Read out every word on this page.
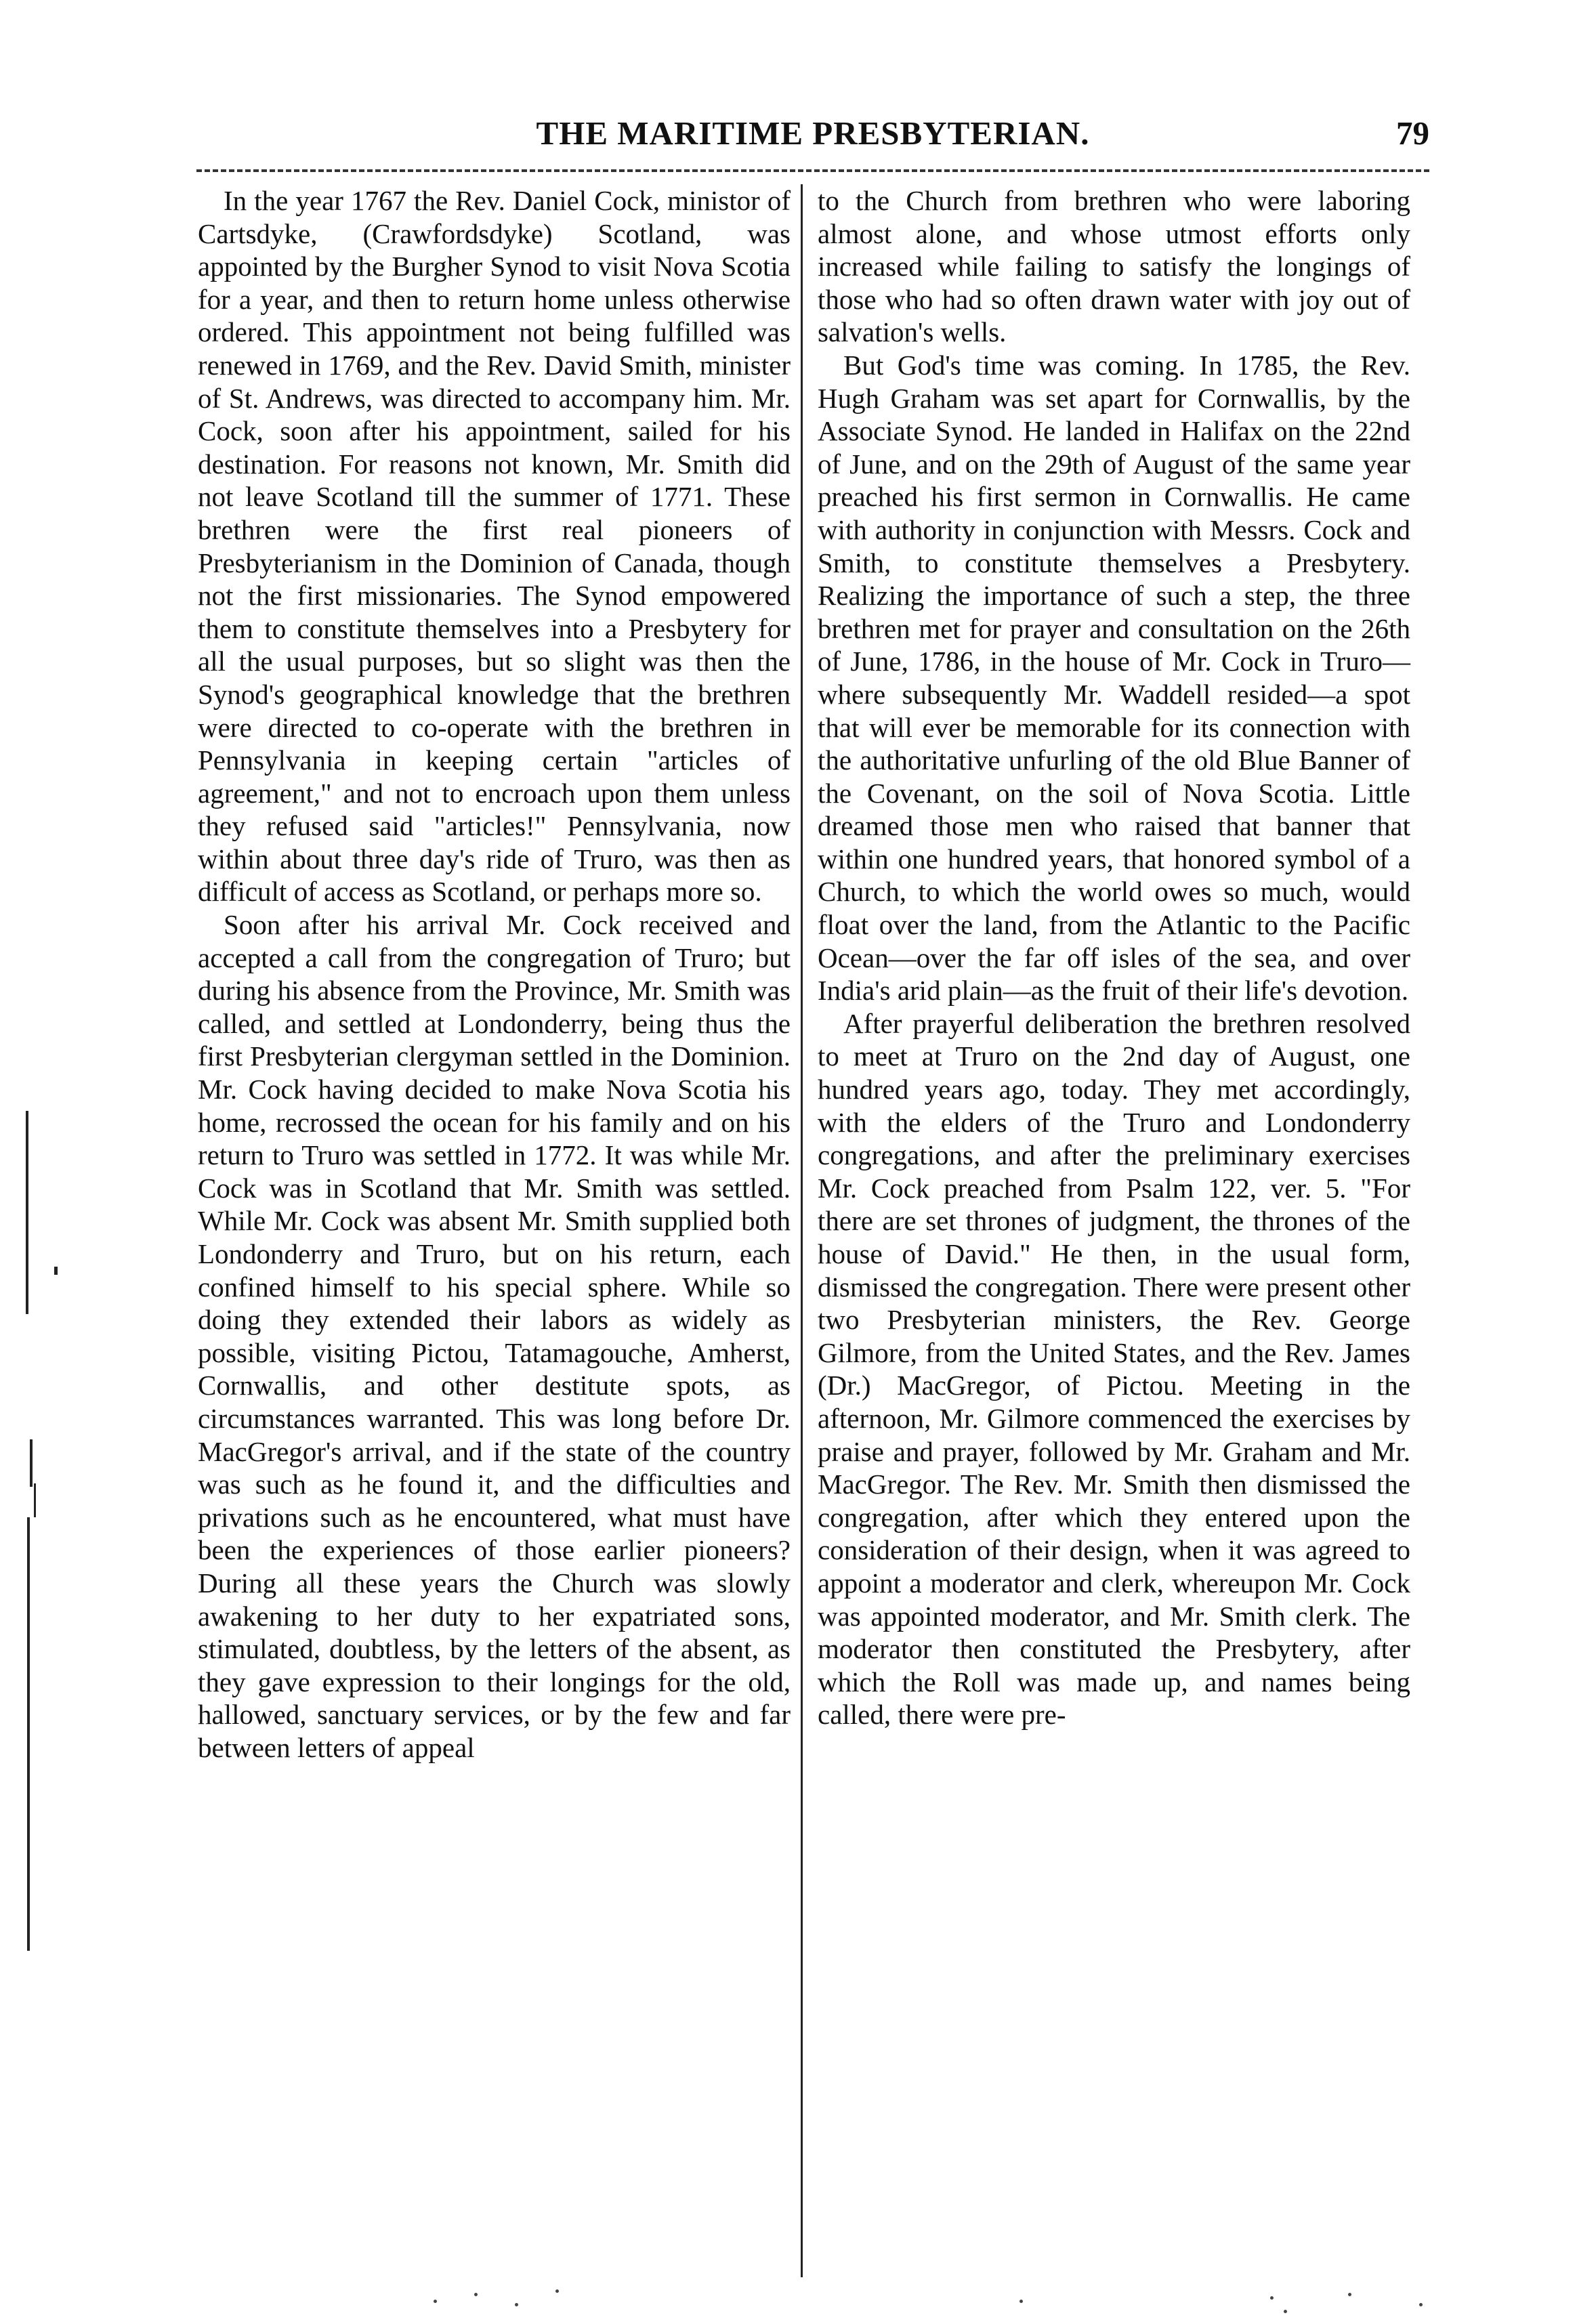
THE MARITIME PRESBYTERIAN.	79

In the year 1767 the Rev. Daniel Cock, ministor of Cartsdyke, (Crawfordsdyke) Scotland, was appointed by the Burgher Synod to visit Nova Scotia for a year, and then to return home unless otherwise ordered. This appointment not being fulfilled was renewed in 1769, and the Rev. David Smith, minister of St. Andrews, was directed to accompany him. Mr. Cock, soon after his appointment, sailed for his destination. For reasons not known, Mr. Smith did not leave Scotland till the summer of 1771. These brethren were the first real pioneers of Presbyterianism in the Dominion of Canada, though not the first missionaries. The Synod empowered them to constitute themselves into a Presbytery for all the usual purposes, but so slight was then the Synod's geographical knowledge that the brethren were directed to co-operate with the brethren in Pennsylvania in keeping certain "articles of agreement," and not to encroach upon them unless they refused said "articles!" Pennsylvania, now within about three day's ride of Truro, was then as difficult of access as Scotland, or perhaps more so.

Soon after his arrival Mr. Cock received and accepted a call from the congregation of Truro; but during his absence from the Province, Mr. Smith was called, and settled at Londonderry, being thus the first Presbyterian clergyman settled in the Dominion. Mr. Cock having decided to make Nova Scotia his home, recrossed the ocean for his family and on his return to Truro was settled in 1772. It was while Mr. Cock was in Scotland that Mr. Smith was settled. While Mr. Cock was absent Mr. Smith supplied both Londonderry and Truro, but on his return, each confined himself to his special sphere. While so doing they extended their labors as widely as possible, visiting Pictou, Tatamagouche, Amherst, Cornwallis, and other destitute spots, as circumstances warranted. This was long before Dr. MacGregor's arrival, and if the state of the country was such as he found it, and the difficulties and privations such as he encountered, what must have been the experiences of those earlier pioneers? During all these years the Church was slowly awakening to her duty to her expatriated sons, stimulated, doubtless, by the letters of the absent, as they gave expression to their longings for the old, hallowed, sanctuary services, or by the few and far between letters of appeal

to the Church from brethren who were laboring almost alone, and whose utmost efforts only increased while failing to satisfy the longings of those who had so often drawn water with joy out of salvation's wells.

But God's time was coming. In 1785, the Rev. Hugh Graham was set apart for Cornwallis, by the Associate Synod. He landed in Halifax on the 22nd of June, and on the 29th of August of the same year preached his first sermon in Cornwallis. He came with authority in conjunction with Messrs. Cock and Smith, to constitute themselves a Presbytery. Realizing the importance of such a step, the three brethren met for prayer and consultation on the 26th of June, 1786, in the house of Mr. Cock in Truro—where subsequently Mr. Waddell resided—a spot that will ever be memorable for its connection with the authoritative unfurling of the old Blue Banner of the Covenant, on the soil of Nova Scotia. Little dreamed those men who raised that banner that within one hundred years, that honored symbol of a Church, to which the world owes so much, would float over the land, from the Atlantic to the Pacific Ocean—over the far off isles of the sea, and over India's arid plain—as the fruit of their life's devotion.

After prayerful deliberation the brethren resolved to meet at Truro on the 2nd day of August, one hundred years ago, today. They met accordingly, with the elders of the Truro and Londonderry congregations, and after the preliminary exercises Mr. Cock preached from Psalm 122, ver. 5. "For there are set thrones of judgment, the thrones of the house of David." He then, in the usual form, dismissed the congregation. There were present other two Presbyterian ministers, the Rev. George Gilmore, from the United States, and the Rev. James (Dr.) MacGregor, of Pictou. Meeting in the afternoon, Mr. Gilmore commenced the exercises by praise and prayer, followed by Mr. Graham and Mr. MacGregor. The Rev. Mr. Smith then dismissed the congregation, after which they entered upon the consideration of their design, when it was agreed to appoint a moderator and clerk, whereupon Mr. Cock was appointed moderator, and Mr. Smith clerk. The moderator then constituted the Presbytery, after which the Roll was made up, and names being called, there were pre-
